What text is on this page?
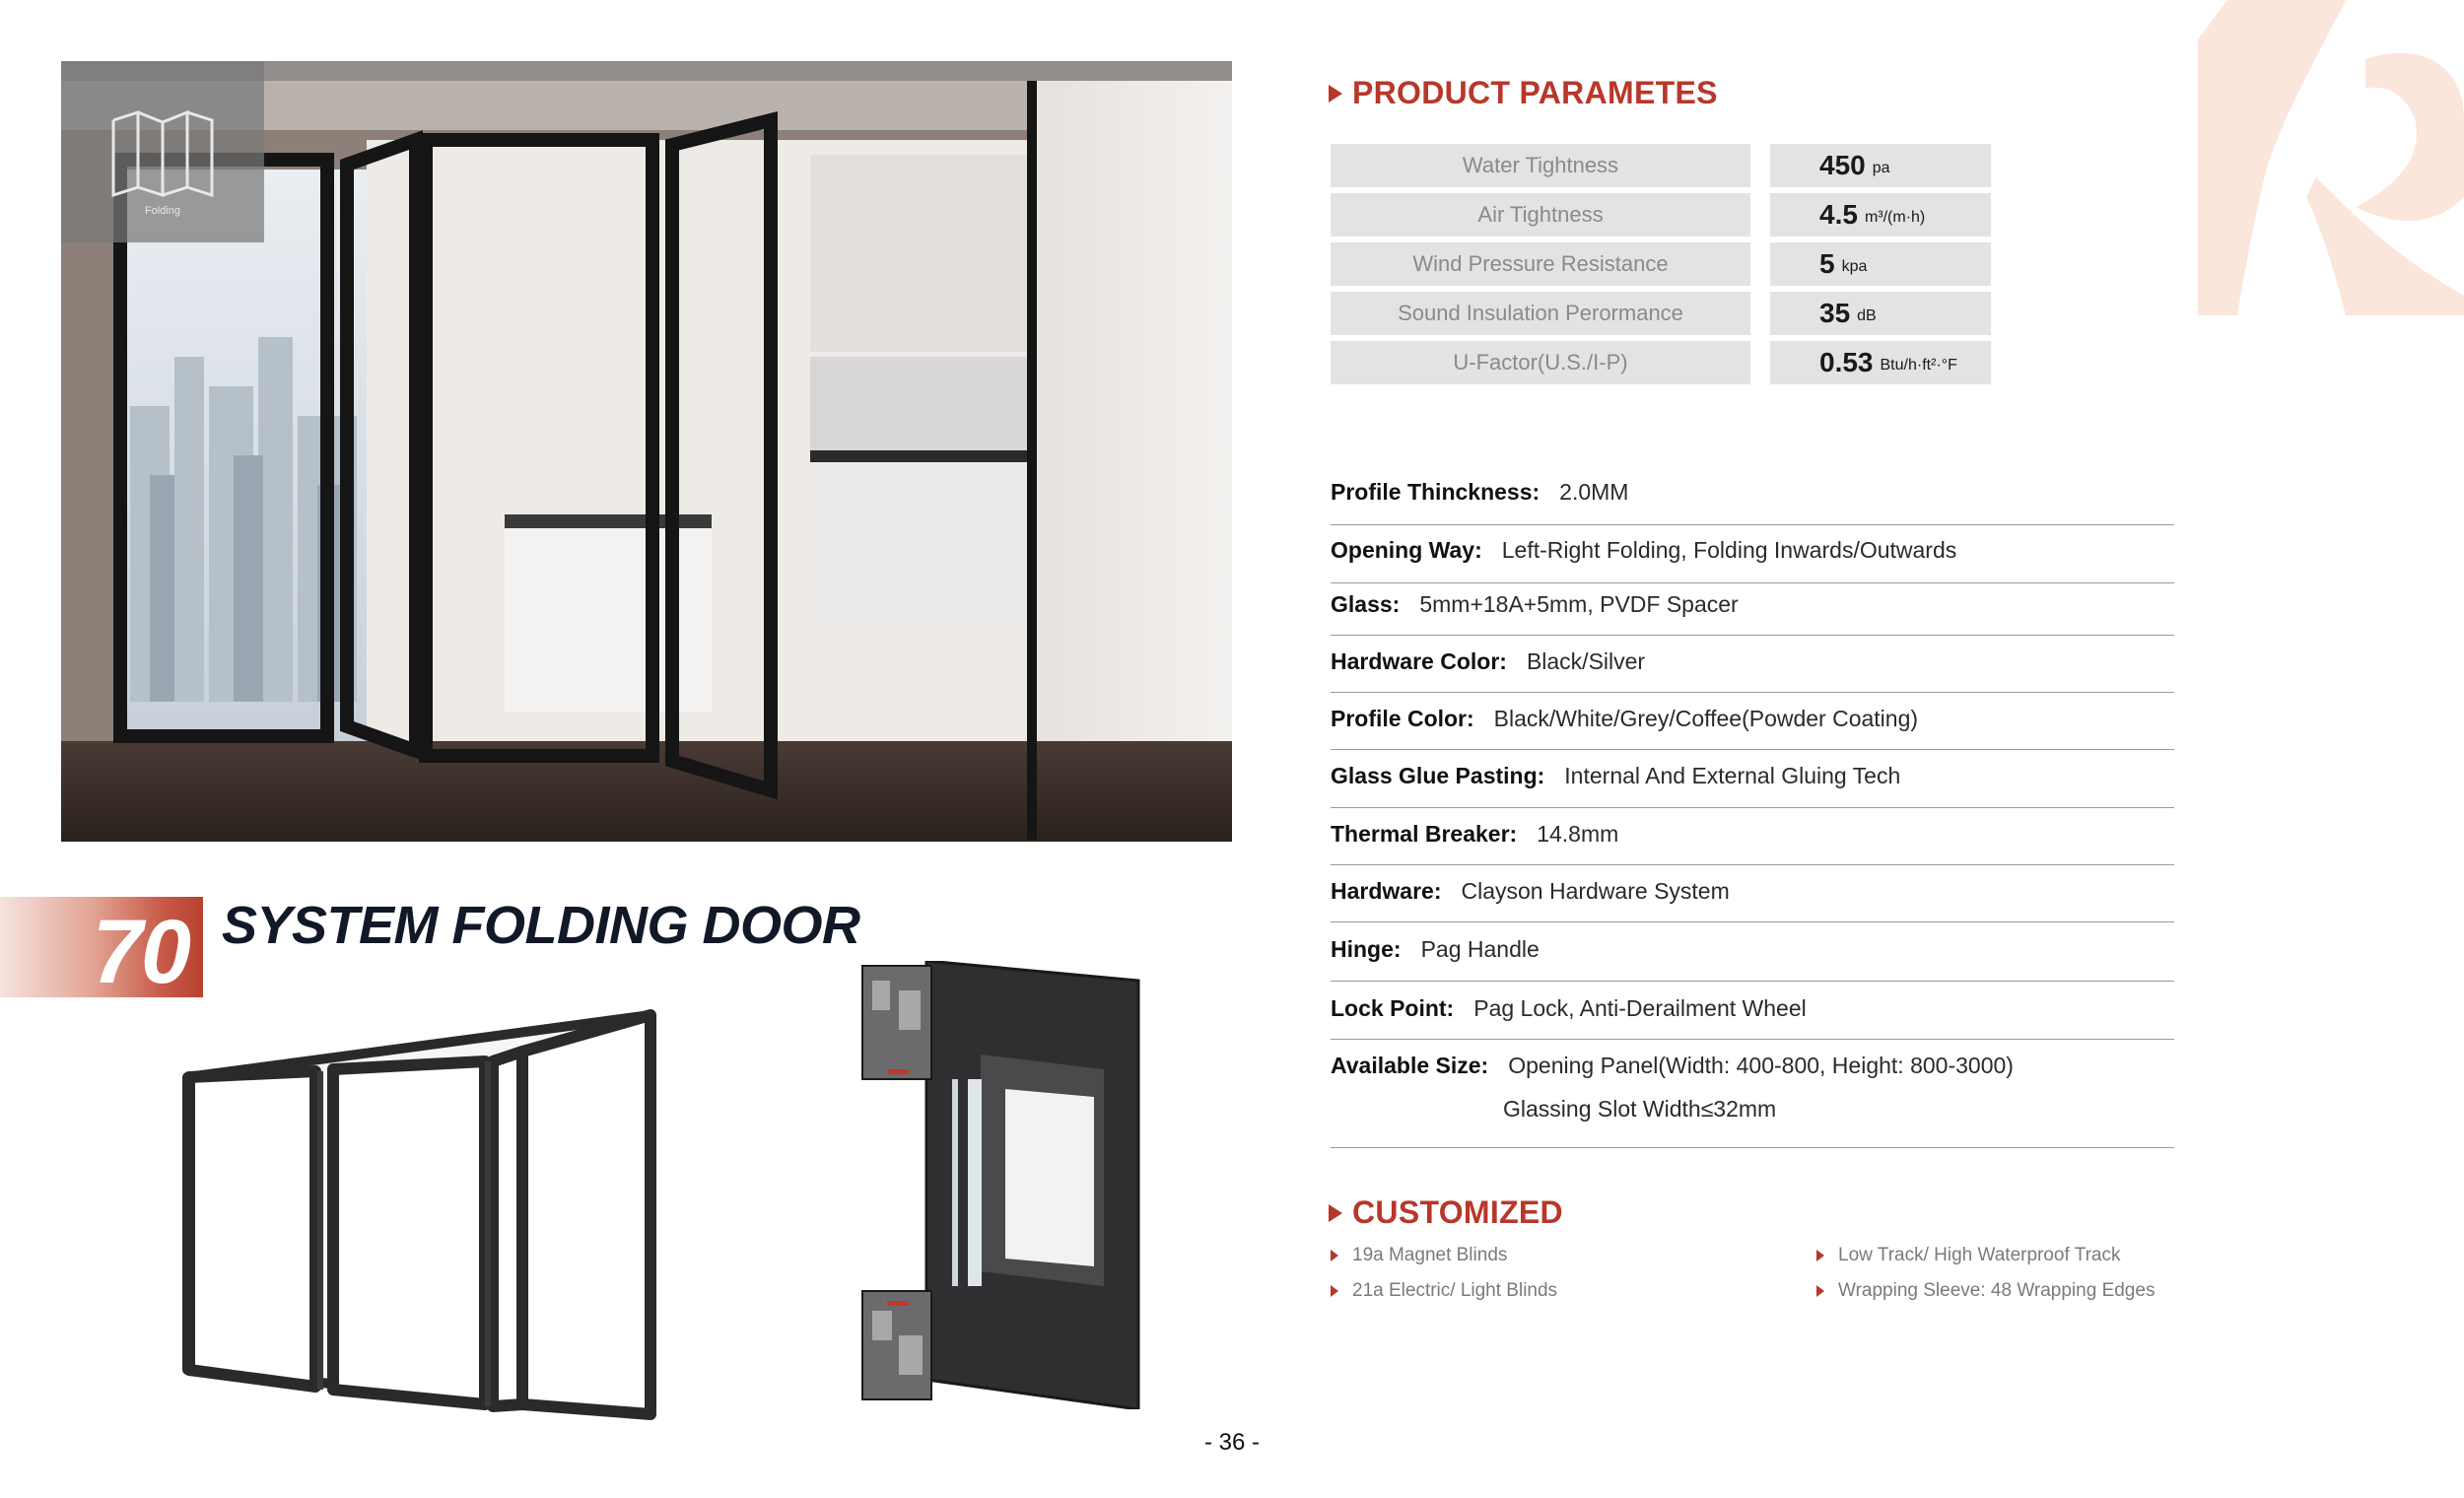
Folding
70 SYSTEM FOLDING DOOR
- 36 -
PRODUCT PARAMETES
Water Tightness	450 pa
Air Tightness	4.5 m³/(m·h)
Wind Pressure Resistance	5 kpa
Sound Insulation Perormance	35 dB
U-Factor(U.S./I-P)	0.53 Btu/h·ft²·°F
Profile Thinckness: 2.0MM
Opening Way: Left-Right Folding, Folding Inwards/Outwards
Glass: 5mm+18A+5mm, PVDF Spacer
Hardware Color: Black/Silver
Profile Color: Black/White/Grey/Coffee(Powder Coating)
Glass Glue Pasting: Internal And External Gluing Tech
Thermal Breaker: 14.8mm
Hardware: Clayson Hardware System
Hinge: Pag Handle
Lock Point: Pag Lock, Anti-Derailment Wheel
Available Size: Opening Panel(Width: 400-800, Height: 800-3000)
Glassing Slot Width≤32mm
CUSTOMIZED
19a Magnet Blinds
21a Electric/ Light Blinds
Low Track/ High Waterproof Track
Wrapping Sleeve: 48 Wrapping Edges
